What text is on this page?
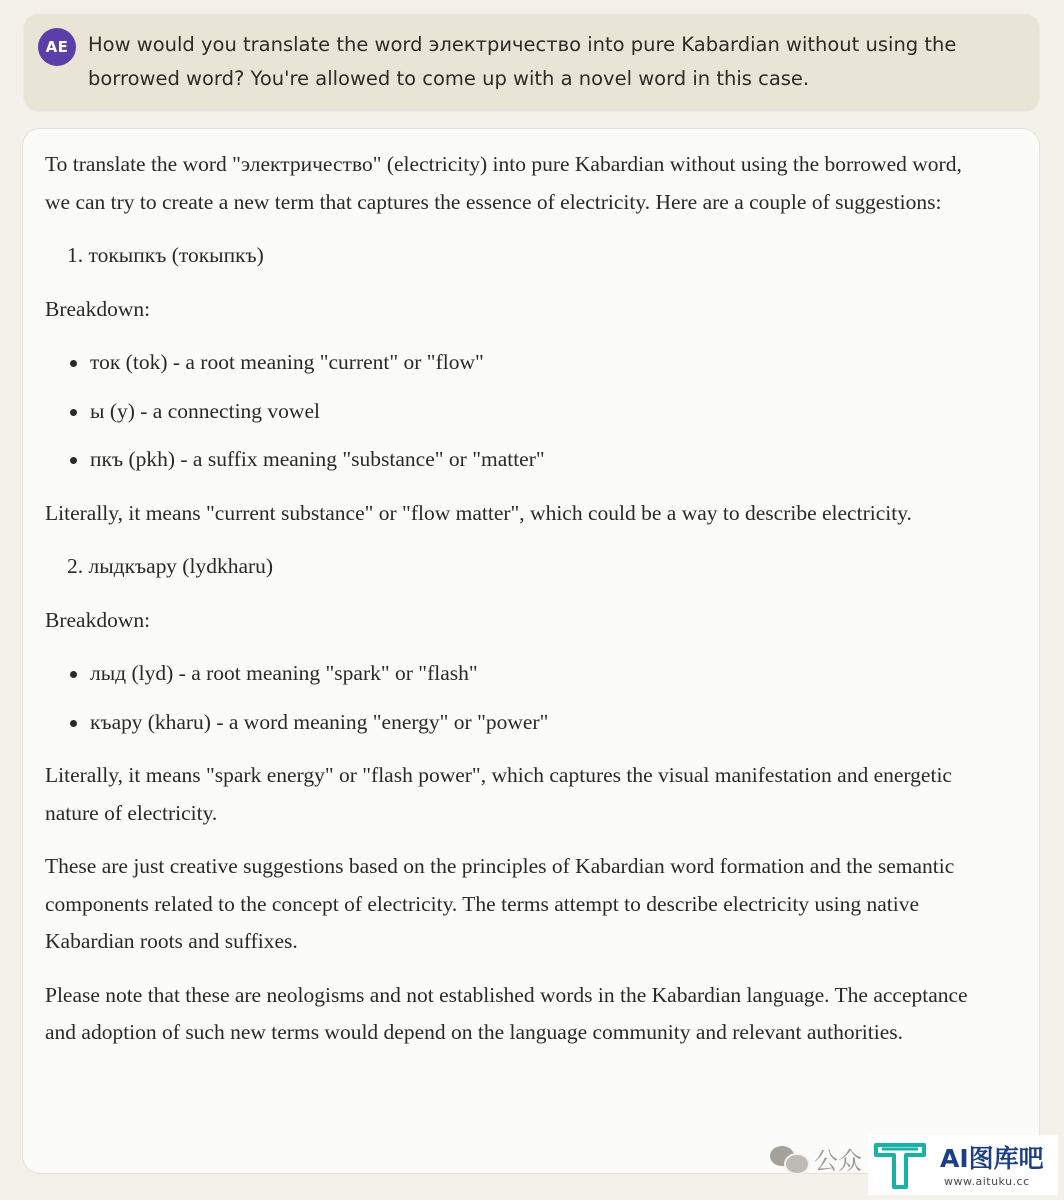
AE	How would you translate the word электричество into pure Kabardian without using the borrowed word? You're allowed to come up with a novel word in this case.

To translate the word "электричество" (electricity) into pure Kabardian without using the borrowed word, we can try to create a new term that captures the essence of electricity. Here are a couple of suggestions:

1. токыпкъ (токыпкъ)

Breakdown:

ток (tok) - a root meaning "current" or "flow"
ы (y) - a connecting vowel
пкъ (pkh) - a suffix meaning "substance" or "matter"

Literally, it means "current substance" or "flow matter", which could be a way to describe electricity.

2. лыдкъару (lydkharu)

Breakdown:

лыд (lyd) - a root meaning "spark" or "flash"
къару (kharu) - a word meaning "energy" or "power"

Literally, it means "spark energy" or "flash power", which captures the visual manifestation and energetic nature of electricity.

These are just creative suggestions based on the principles of Kabardian word formation and the semantic components related to the concept of electricity. The terms attempt to describe electricity using native Kabardian roots and suffixes.

Please note that these are neologisms and not established words in the Kabardian language. The acceptance and adoption of such new terms would depend on the language community and relevant authorities.

公众	AI图库吧
www.aituku.cc
